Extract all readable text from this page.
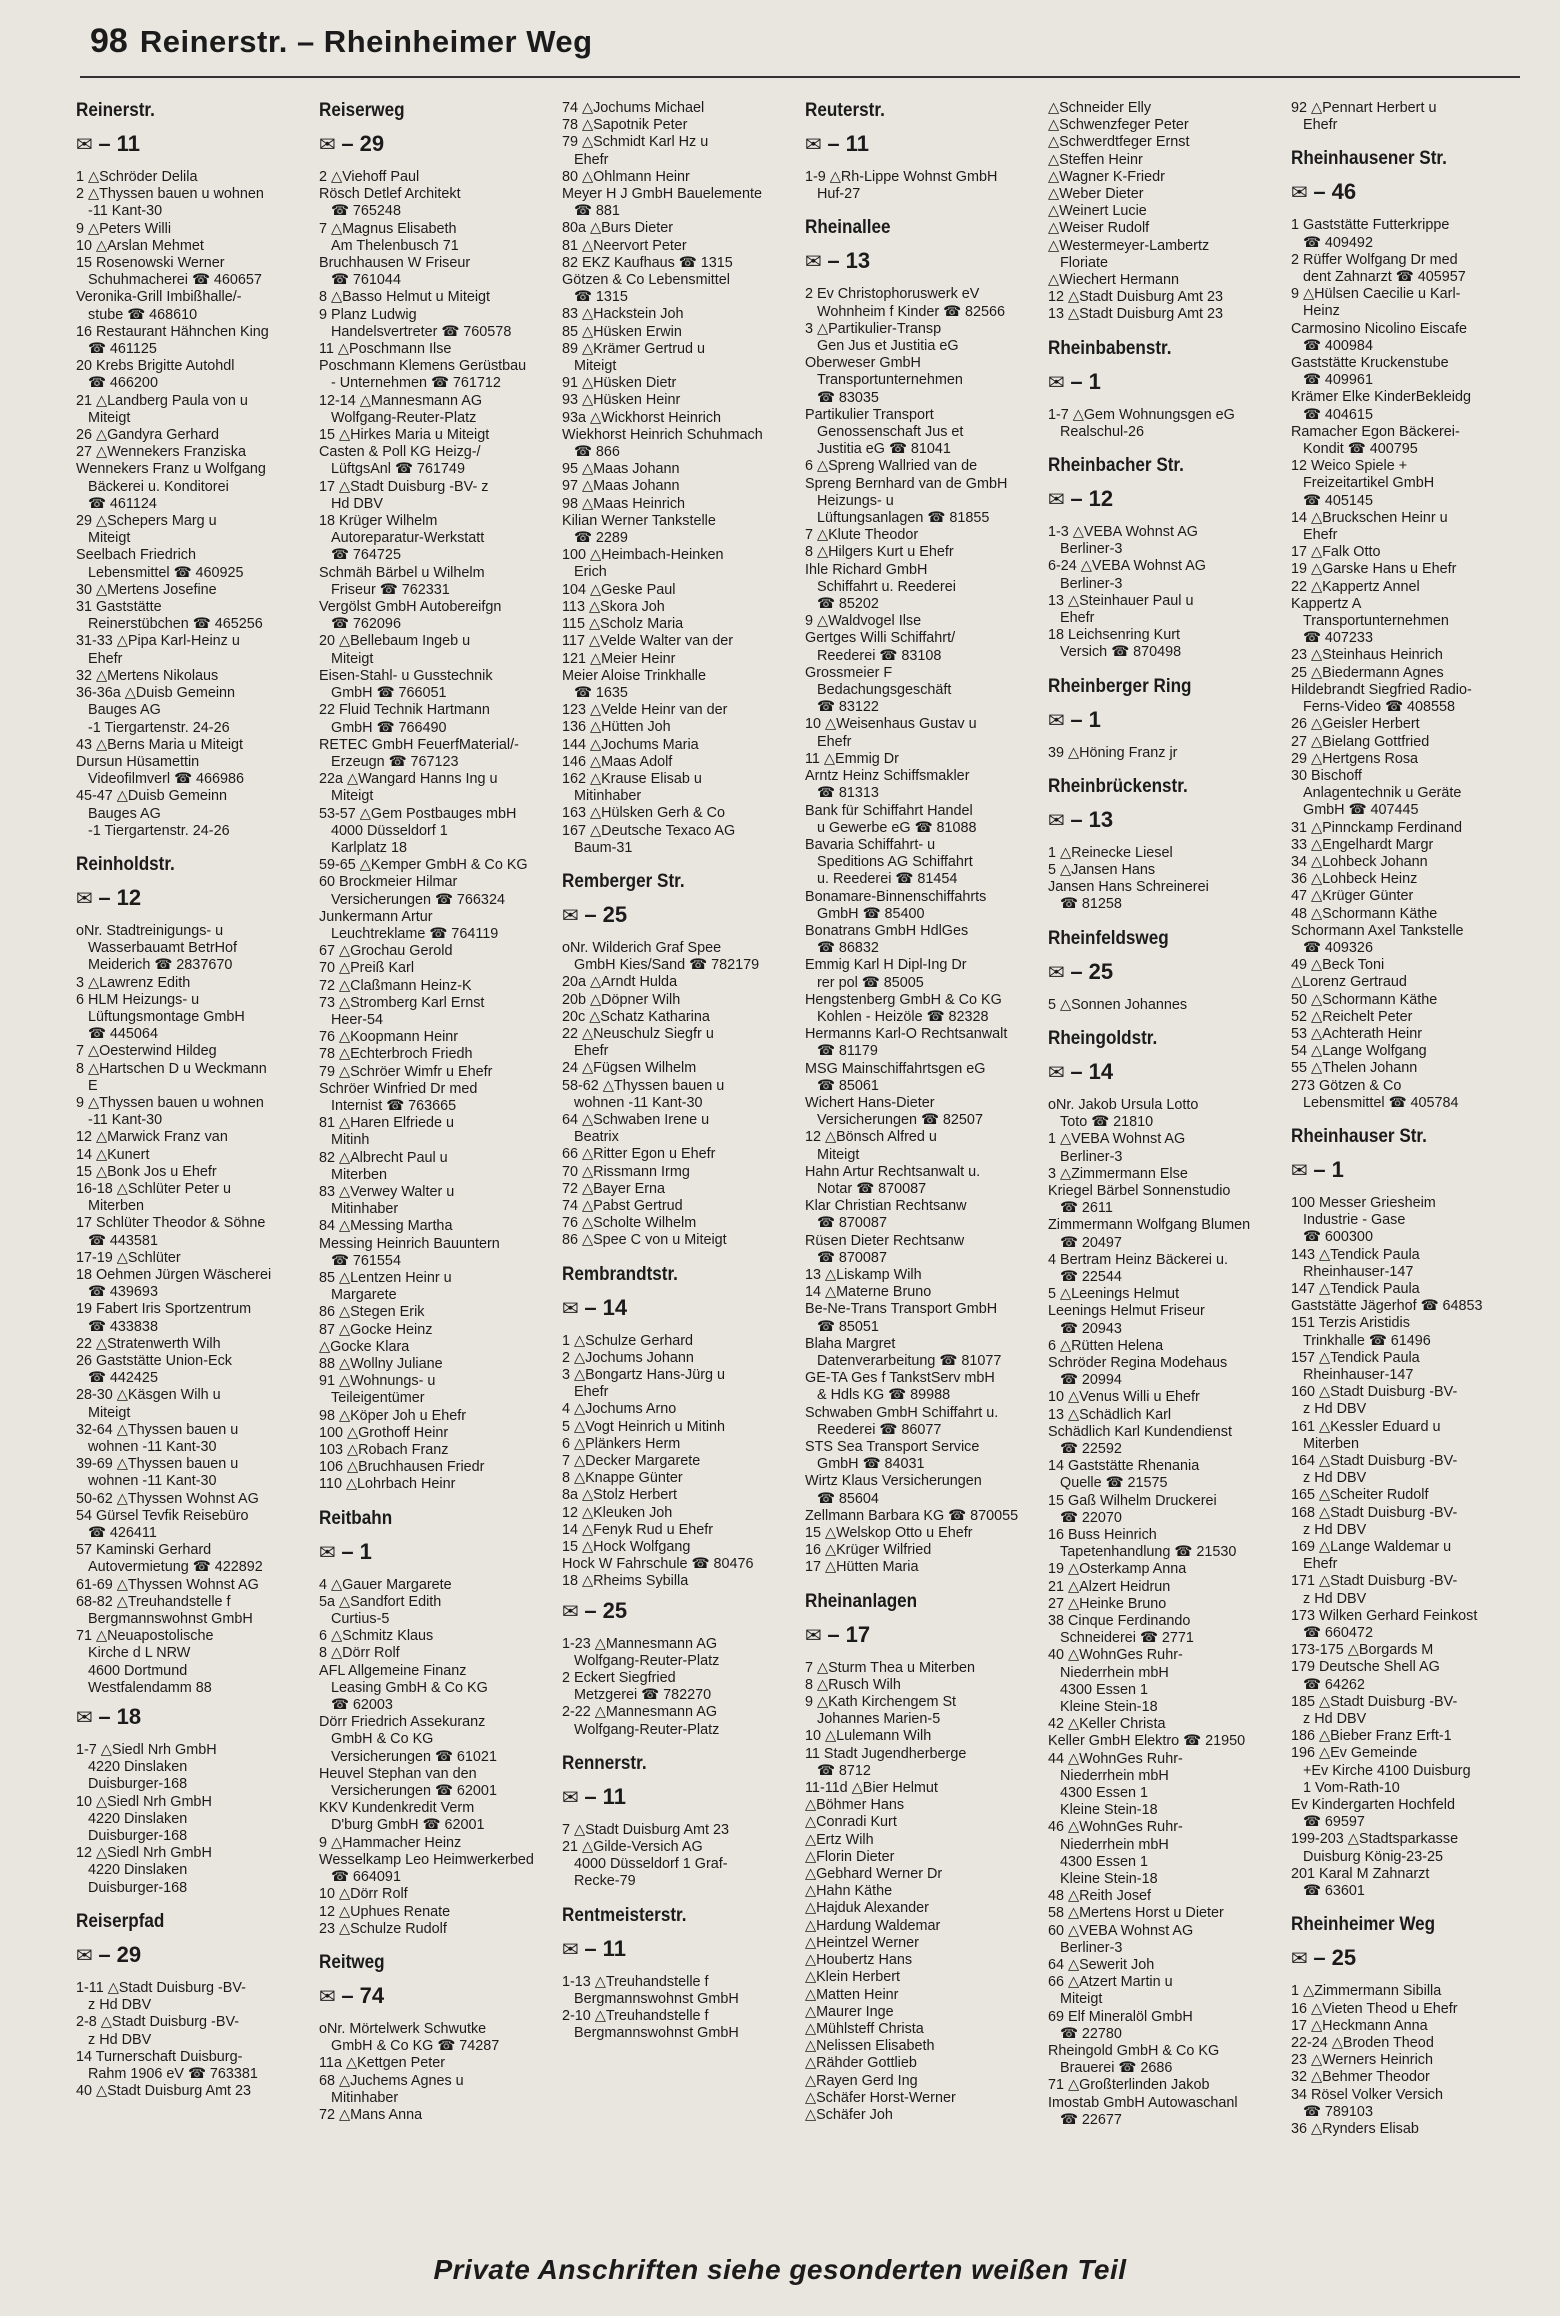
98 Reinerstr. – Rheinheimer Weg
Reinerstr.
✉ – 11
1 △Schröder Delila
2 △Thyssen bauen u wohnen
-11 Kant-30
9 △Peters Willi
10 △Arslan Mehmet
15 Rosenowski Werner
Schuhmacherei ☎ 460657
Veronika-Grill Imbißhalle/-
stube ☎ 468610
16 Restaurant Hähnchen King
☎ 461125
20 Krebs Brigitte Autohdl
☎ 466200
21 △Landberg Paula von u
Miteigt
26 △Gandyra Gerhard
27 △Wennekers Franziska
Wennekers Franz u Wolfgang
Bäckerei u. Konditorei
☎ 461124
29 △Schepers Marg u
Miteigt
Seelbach Friedrich
Lebensmittel ☎ 460925
30 △Mertens Josefine
31 Gaststätte
Reinerstübchen ☎ 465256
31-33 △Pipa Karl-Heinz u
Ehefr
32 △Mertens Nikolaus
36-36a △Duisb Gemeinn
Bauges AG
-1 Tiergartenstr. 24-26
43 △Berns Maria u Miteigt
Dursun Hüsamettin
Videofilmverl ☎ 466986
45-47 △Duisb Gemeinn
Bauges AG
-1 Tiergartenstr. 24-26
Reinholdstr.
✉ – 12
oNr. Stadtreinigungs- u
Wasserbauamt BetrHof
Meiderich ☎ 2837670
3 △Lawrenz Edith
6 HLM Heizungs- u
Lüftungsmontage GmbH
☎ 445064
7 △Oesterwind Hildeg
8 △Hartschen D u Weckmann
E
9 △Thyssen bauen u wohnen
-11 Kant-30
12 △Marwick Franz van
14 △Kunert
15 △Bonk Jos u Ehefr
16-18 △Schlüter Peter u
Miterben
17 Schlüter Theodor & Söhne
☎ 443581
17-19 △Schlüter
18 Oehmen Jürgen Wäscherei
☎ 439693
19 Fabert Iris Sportzentrum
☎ 433838
22 △Stratenwerth Wilh
26 Gaststätte Union-Eck
☎ 442425
28-30 △Käsgen Wilh u
Miteigt
32-64 △Thyssen bauen u
wohnen -11 Kant-30
39-69 △Thyssen bauen u
wohnen -11 Kant-30
50-62 △Thyssen Wohnst AG
54 Gürsel Tevfik Reisebüro
☎ 426411
57 Kaminski Gerhard
Autovermietung ☎ 422892
61-69 △Thyssen Wohnst AG
68-82 △Treuhandstelle f
Bergmannswohnst GmbH
71 △Neuapostolische
Kirche d L NRW
4600 Dortmund
Westfalendamm 88
✉ – 18
1-7 △Siedl Nrh GmbH
4220 Dinslaken
Duisburger-168
10 △Siedl Nrh GmbH
4220 Dinslaken
Duisburger-168
12 △Siedl Nrh GmbH
4220 Dinslaken
Duisburger-168
Reiserpfad
✉ – 29
1-11 △Stadt Duisburg -BV-
z Hd DBV
2-8 △Stadt Duisburg -BV-
z Hd DBV
14 Turnerschaft Duisburg-
Rahm 1906 eV ☎ 763381
40 △Stadt Duisburg Amt 23
Reiserweg
✉ – 29
2 △Viehoff Paul
Rösch Detlef Architekt
☎ 765248
7 △Magnus Elisabeth
Am Thelenbusch 71
Bruchhausen W Friseur
☎ 761044
8 △Basso Helmut u Miteigt
9 Planz Ludwig
Handelsvertreter ☎ 760578
11 △Poschmann Ilse
Poschmann Klemens Gerüstbau
- Unternehmen ☎ 761712
12-14 △Mannesmann AG
Wolfgang-Reuter-Platz
15 △Hirkes Maria u Miteigt
Casten & Poll KG Heizg-/
LüftgsAnl ☎ 761749
17 △Stadt Duisburg -BV- z
Hd DBV
18 Krüger Wilhelm
Autoreparatur-Werkstatt
☎ 764725
Schmäh Bärbel u Wilhelm
Friseur ☎ 762331
Vergölst GmbH Autobereifgn
☎ 762096
20 △Bellebaum Ingeb u
Miteigt
Eisen-Stahl- u Gusstechnik
GmbH ☎ 766051
22 Fluid Technik Hartmann
GmbH ☎ 766490
RETEC GmbH FeuerfMaterial/-
Erzeugn ☎ 767123
22a △Wangard Hanns Ing u
Miteigt
53-57 △Gem Postbauges mbH
4000 Düsseldorf 1
Karlplatz 18
59-65 △Kemper GmbH & Co KG
60 Brockmeier Hilmar
Versicherungen ☎ 766324
Junkermann Artur
Leuchtreklame ☎ 764119
67 △Grochau Gerold
70 △Preiß Karl
72 △Claßmann Heinz-K
73 △Stromberg Karl Ernst
Heer-54
76 △Koopmann Heinr
78 △Echterbroch Friedh
79 △Schröer Wimfr u Ehefr
Schröer Winfried Dr med
Internist ☎ 763665
81 △Haren Elfriede u
Mitinh
82 △Albrecht Paul u
Miterben
83 △Verwey Walter u
Mitinhaber
84 △Messing Martha
Messing Heinrich Bauuntern
☎ 761554
85 △Lentzen Heinr u
Margarete
86 △Stegen Erik
87 △Gocke Heinz
△Gocke Klara
88 △Wollny Juliane
91 △Wohnungs- u
Teileigentümer
98 △Köper Joh u Ehefr
100 △Grothoff Heinr
103 △Robach Franz
106 △Bruchhausen Friedr
110 △Lohrbach Heinr
Reitbahn
✉ – 1
4 △Gauer Margarete
5a △Sandfort Edith
Curtius-5
6 △Schmitz Klaus
8 △Dörr Rolf
AFL Allgemeine Finanz
Leasing GmbH & Co KG
☎ 62003
Dörr Friedrich Assekuranz
GmbH & Co KG
Versicherungen ☎ 61021
Heuvel Stephan van den
Versicherungen ☎ 62001
KKV Kundenkredit Verm
D'burg GmbH ☎ 62001
9 △Hammacher Heinz
Wesselkamp Leo Heimwerkerbed
☎ 664091
10 △Dörr Rolf
12 △Uphues Renate
23 △Schulze Rudolf
Reitweg
✉ – 74
oNr. Mörtelwerk Schwutke
GmbH & Co KG ☎ 74287
11a △Kettgen Peter
68 △Juchems Agnes u
Mitinhaber
72 △Mans Anna
74 △Jochums Michael
78 △Sapotnik Peter
79 △Schmidt Karl Hz u
Ehefr
80 △Ohlmann Heinr
Meyer H J GmbH Bauelemente
☎ 881
80a △Burs Dieter
81 △Neervort Peter
82 EKZ Kaufhaus ☎ 1315
Götzen & Co Lebensmittel
☎ 1315
83 △Hackstein Joh
85 △Hüsken Erwin
89 △Krämer Gertrud u
Miteigt
91 △Hüsken Dietr
93 △Hüsken Heinr
93a △Wickhorst Heinrich
Wiekhorst Heinrich Schuhmach
☎ 866
95 △Maas Johann
97 △Maas Johann
98 △Maas Heinrich
Kilian Werner Tankstelle
☎ 2289
100 △Heimbach-Heinken
Erich
104 △Geske Paul
113 △Skora Joh
115 △Scholz Maria
117 △Velde Walter van der
121 △Meier Heinr
Meier Aloise Trinkhalle
☎ 1635
123 △Velde Heinr van der
136 △Hütten Joh
144 △Jochums Maria
146 △Maas Adolf
162 △Krause Elisab u
Mitinhaber
163 △Hülsken Gerh & Co
167 △Deutsche Texaco AG
Baum-31
Remberger Str.
✉ – 25
oNr. Wilderich Graf Spee
GmbH Kies/Sand ☎ 782179
20a △Arndt Hulda
20b △Döpner Wilh
20c △Schatz Katharina
22 △Neuschulz Siegfr u
Ehefr
24 △Fügsen Wilhelm
58-62 △Thyssen bauen u
wohnen -11 Kant-30
64 △Schwaben Irene u
Beatrix
66 △Ritter Egon u Ehefr
70 △Rissmann Irmg
72 △Bayer Erna
74 △Pabst Gertrud
76 △Scholte Wilhelm
86 △Spee C von u Miteigt
Rembrandtstr.
✉ – 14
1 △Schulze Gerhard
2 △Jochums Johann
3 △Bongartz Hans-Jürg u
Ehefr
4 △Jochums Arno
5 △Vogt Heinrich u Mitinh
6 △Plänkers Herm
7 △Decker Margarete
8 △Knappe Günter
8a △Stolz Herbert
12 △Kleuken Joh
14 △Fenyk Rud u Ehefr
15 △Hock Wolfgang
Hock W Fahrschule ☎ 80476
18 △Rheims Sybilla
✉ – 25
1-23 △Mannesmann AG
Wolfgang-Reuter-Platz
2 Eckert Siegfried
Metzgerei ☎ 782270
2-22 △Mannesmann AG
Wolfgang-Reuter-Platz
Rennerstr.
✉ – 11
7 △Stadt Duisburg Amt 23
21 △Gilde-Versich AG
4000 Düsseldorf 1 Graf-
Recke-79
Rentmeisterstr.
✉ – 11
1-13 △Treuhandstelle f
Bergmannswohnst GmbH
2-10 △Treuhandstelle f
Bergmannswohnst GmbH
Reuterstr.
✉ – 11
1-9 △Rh-Lippe Wohnst GmbH
Huf-27
Rheinallee
✉ – 13
2 Ev Christophoruswerk eV
Wohnheim f Kinder ☎ 82566
3 △Partikulier-Transp
Gen Jus et Justitia eG
Oberweser GmbH
Transportunternehmen
☎ 83035
Partikulier Transport
Genossenschaft Jus et
Justitia eG ☎ 81041
6 △Spreng Wallried van de
Spreng Bernhard van de GmbH
Heizungs- u
Lüftungsanlagen ☎ 81855
7 △Klute Theodor
8 △Hilgers Kurt u Ehefr
Ihle Richard GmbH
Schiffahrt u. Reederei
☎ 85202
9 △Waldvogel Ilse
Gertges Willi Schiffahrt/
Reederei ☎ 83108
Grossmeier F
Bedachungsgeschäft
☎ 83122
10 △Weisenhaus Gustav u
Ehefr
11 △Emmig Dr
Arntz Heinz Schiffsmakler
☎ 81313
Bank für Schiffahrt Handel
u Gewerbe eG ☎ 81088
Bavaria Schiffahrt- u
Speditions AG Schiffahrt
u. Reederei ☎ 81454
Bonamare-Binnenschiffahrts
GmbH ☎ 85400
Bonatrans GmbH HdlGes
☎ 86832
Emmig Karl H Dipl-Ing Dr
rer pol ☎ 85005
Hengstenberg GmbH & Co KG
Kohlen - Heizöle ☎ 82328
Hermanns Karl-O Rechtsanwalt
☎ 81179
MSG Mainschiffahrtsgen eG
☎ 85061
Wichert Hans-Dieter
Versicherungen ☎ 82507
12 △Bönsch Alfred u
Miteigt
Hahn Artur Rechtsanwalt u.
Notar ☎ 870087
Klar Christian Rechtsanw
☎ 870087
Rüsen Dieter Rechtsanw
☎ 870087
13 △Liskamp Wilh
14 △Materne Bruno
Be-Ne-Trans Transport GmbH
☎ 85051
Blaha Margret
Datenverarbeitung ☎ 81077
GE-TA Ges f TankstServ mbH
& Hdls KG ☎ 89988
Schwaben GmbH Schiffahrt u.
Reederei ☎ 86077
STS Sea Transport Service
GmbH ☎ 84031
Wirtz Klaus Versicherungen
☎ 85604
Zellmann Barbara KG ☎ 870055
15 △Welskop Otto u Ehefr
16 △Krüger Wilfried
17 △Hütten Maria
Rheinanlagen
✉ – 17
7 △Sturm Thea u Miterben
8 △Rusch Wilh
9 △Kath Kirchengem St
Johannes Marien-5
10 △Lulemann Wilh
11 Stadt Jugendherberge
☎ 8712
11-11d △Bier Helmut
△Böhmer Hans
△Conradi Kurt
△Ertz Wilh
△Florin Dieter
△Gebhard Werner Dr
△Hahn Käthe
△Hajduk Alexander
△Hardung Waldemar
△Heintzel Werner
△Houbertz Hans
△Klein Herbert
△Matten Heinr
△Maurer Inge
△Mühlsteff Christa
△Nelissen Elisabeth
△Rähder Gottlieb
△Rayen Gerd Ing
△Schäfer Horst-Werner
△Schäfer Joh
△Schneider Elly
△Schwenzfeger Peter
△Schwerdtfeger Ernst
△Steffen Heinr
△Wagner K-Friedr
△Weber Dieter
△Weinert Lucie
△Weiser Rudolf
△Westermeyer-Lambertz
Floriate
△Wiechert Hermann
12 △Stadt Duisburg Amt 23
13 △Stadt Duisburg Amt 23
Rheinbabenstr.
✉ – 1
1-7 △Gem Wohnungsgen eG
Realschul-26
Rheinbacher Str.
✉ – 12
1-3 △VEBA Wohnst AG
Berliner-3
6-24 △VEBA Wohnst AG
Berliner-3
13 △Steinhauer Paul u
Ehefr
18 Leichsenring Kurt
Versich ☎ 870498
Rheinberger Ring
✉ – 1
39 △Höning Franz jr
Rheinbrückenstr.
✉ – 13
1 △Reinecke Liesel
5 △Jansen Hans
Jansen Hans Schreinerei
☎ 81258
Rheinfeldsweg
✉ – 25
5 △Sonnen Johannes
Rheingoldstr.
✉ – 14
oNr. Jakob Ursula Lotto
Toto ☎ 21810
1 △VEBA Wohnst AG
Berliner-3
3 △Zimmermann Else
Kriegel Bärbel Sonnenstudio
☎ 2611
Zimmermann Wolfgang Blumen
☎ 20497
4 Bertram Heinz Bäckerei u.
☎ 22544
5 △Leenings Helmut
Leenings Helmut Friseur
☎ 20943
6 △Rütten Helena
Schröder Regina Modehaus
☎ 20994
10 △Venus Willi u Ehefr
13 △Schädlich Karl
Schädlich Karl Kundendienst
☎ 22592
14 Gaststätte Rhenania
Quelle ☎ 21575
15 Gaß Wilhelm Druckerei
☎ 22070
16 Buss Heinrich
Tapetenhandlung ☎ 21530
19 △Osterkamp Anna
21 △Alzert Heidrun
27 △Heinke Bruno
38 Cinque Ferdinando
Schneiderei ☎ 2771
40 △WohnGes Ruhr-
Niederrhein mbH
4300 Essen 1
Kleine Stein-18
42 △Keller Christa
Keller GmbH Elektro ☎ 21950
44 △WohnGes Ruhr-
Niederrhein mbH
4300 Essen 1
Kleine Stein-18
46 △WohnGes Ruhr-
Niederrhein mbH
4300 Essen 1
Kleine Stein-18
48 △Reith Josef
58 △Mertens Horst u Dieter
60 △VEBA Wohnst AG
Berliner-3
64 △Sewerit Joh
66 △Atzert Martin u
Miteigt
69 Elf Mineralöl GmbH
☎ 22780
Rheingold GmbH & Co KG
Brauerei ☎ 2686
71 △Großterlinden Jakob
Imostab GmbH Autowaschanl
☎ 22677
92 △Pennart Herbert u
Ehefr
Rheinhausener Str.
✉ – 46
1 Gaststätte Futterkrippe
☎ 409492
2 Rüffer Wolfgang Dr med
dent Zahnarzt ☎ 405957
9 △Hülsen Caecilie u Karl-
Heinz
Carmosino Nicolino Eiscafe
☎ 400984
Gaststätte Kruckenstube
☎ 409961
Krämer Elke KinderBekleidg
☎ 404615
Ramacher Egon Bäckerei-
Kondit ☎ 400795
12 Weico Spiele +
Freizeitartikel GmbH
☎ 405145
14 △Bruckschen Heinr u
Ehefr
17 △Falk Otto
19 △Garske Hans u Ehefr
22 △Kappertz Annel
Kappertz A
Transportunternehmen
☎ 407233
23 △Steinhaus Heinrich
25 △Biedermann Agnes
Hildebrandt Siegfried Radio-
Ferns-Video ☎ 408558
26 △Geisler Herbert
27 △Bielang Gottfried
29 △Hertgens Rosa
30 Bischoff
Anlagentechnik u Geräte
GmbH ☎ 407445
31 △Pinnckamp Ferdinand
33 △Engelhardt Margr
34 △Lohbeck Johann
36 △Lohbeck Heinz
47 △Krüger Günter
48 △Schormann Käthe
Schormann Axel Tankstelle
☎ 409326
49 △Beck Toni
△Lorenz Gertraud
50 △Schormann Käthe
52 △Reichelt Peter
53 △Achterath Heinr
54 △Lange Wolfgang
55 △Thelen Johann
273 Götzen & Co
Lebensmittel ☎ 405784
Rheinhauser Str.
✉ – 1
100 Messer Griesheim
Industrie - Gase
☎ 600300
143 △Tendick Paula
Rheinhauser-147
147 △Tendick Paula
Gaststätte Jägerhof ☎ 64853
151 Terzis Aristidis
Trinkhalle ☎ 61496
157 △Tendick Paula
Rheinhauser-147
160 △Stadt Duisburg -BV-
z Hd DBV
161 △Kessler Eduard u
Miterben
164 △Stadt Duisburg -BV-
z Hd DBV
165 △Scheiter Rudolf
168 △Stadt Duisburg -BV-
z Hd DBV
169 △Lange Waldemar u
Ehefr
171 △Stadt Duisburg -BV-
z Hd DBV
173 Wilken Gerhard Feinkost
☎ 660472
173-175 △Borgards M
179 Deutsche Shell AG
☎ 64262
185 △Stadt Duisburg -BV-
z Hd DBV
186 △Bieber Franz Erft-1
196 △Ev Gemeinde
+Ev Kirche 4100 Duisburg
1 Vom-Rath-10
Ev Kindergarten Hochfeld
☎ 69597
199-203 △Stadtsparkasse
Duisburg König-23-25
201 Karal M Zahnarzt
☎ 63601
Rheinheimer Weg
✉ – 25
1 △Zimmermann Sibilla
16 △Vieten Theod u Ehefr
17 △Heckmann Anna
22-24 △Broden Theod
23 △Werners Heinrich
32 △Behmer Theodor
34 Rösel Volker Versich
☎ 789103
36 △Rynders Elisab
Private Anschriften siehe gesonderten weißen Teil
